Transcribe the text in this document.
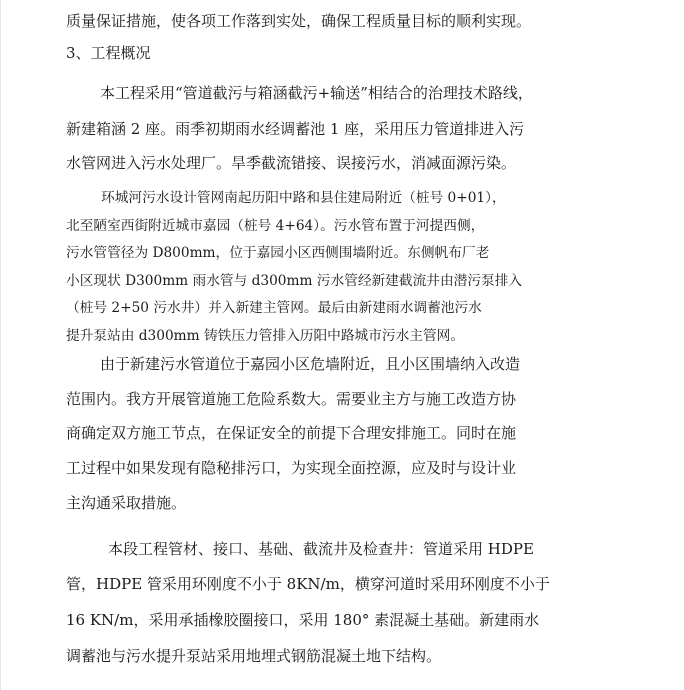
质量保证措施，使各项工作落到实处，确保工程质量目标的顺利实现。
3、工程概况
本工程采用“管道截污与箱涵截污+输送”相结合的治理技术路线，
新建箱涵 2 座。雨季初期雨水经调蓄池 1 座，采用压力管道排进入污
水管网进入污水处理厂。旱季截流错接、误接污水，消减面源污染。
环城河污水设计管网南起历阳中路和县住建局附近（桩号 0+01），
北至陋室西街附近城市嘉园（桩号 4+64）。污水管布置于河提西侧，
污水管管径为 D800mm，位于嘉园小区西侧围墙附近。东侧帆布厂老
小区现状 D300mm 雨水管与 d300mm 污水管经新建截流井由潜污泵排入
（桩号 2+50 污水井）并入新建主管网。最后由新建雨水调蓄池污水
提升泵站由 d300mm 铸铁压力管排入历阳中路城市污水主管网。
由于新建污水管道位于嘉园小区危墙附近，且小区围墙纳入改造
范围内。我方开展管道施工危险系数大。需要业主方与施工改造方协
商确定双方施工节点，在保证安全的前提下合理安排施工。同时在施
工过程中如果发现有隐秘排污口，为实现全面控源，应及时与设计业
主沟通采取措施。
本段工程管材、接口、基础、截流井及检查井：管道采用 HDPE
管，HDPE 管采用环刚度不小于 8KN/m，横穿河道时采用环刚度不小于
16 KN/m，采用承插橡胶圈接口，采用 180° 素混凝土基础。新建雨水
调蓄池与污水提升泵站采用地埋式钢筋混凝土地下结构。
